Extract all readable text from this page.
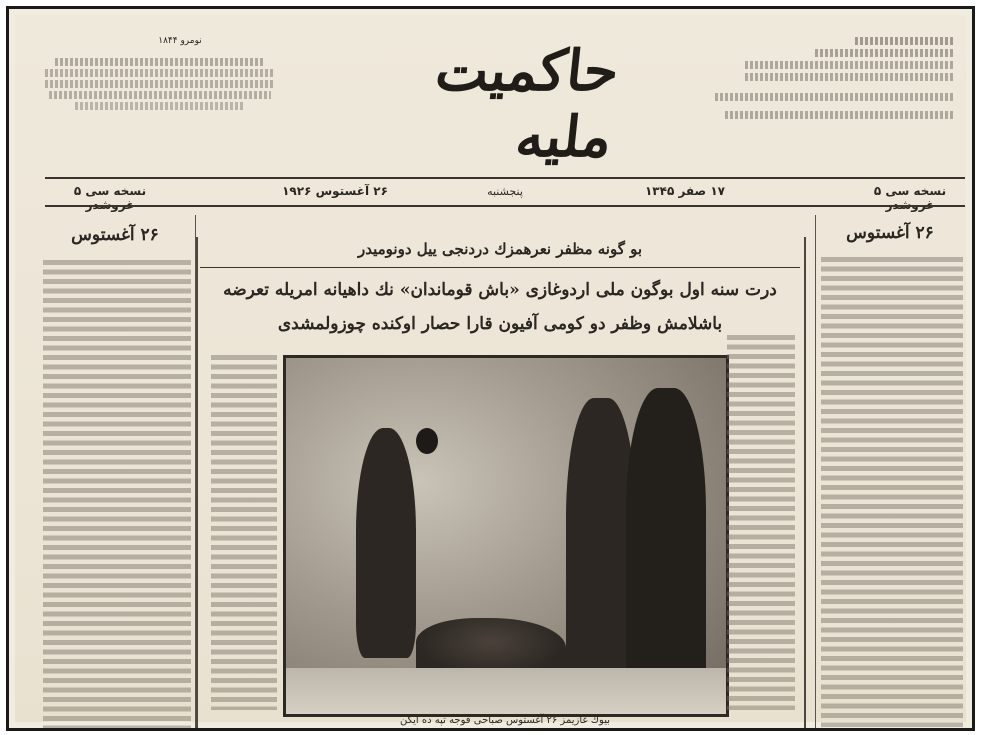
نومرو ۱۸۴۴	حاکمیت ملیه
نسخه سی ۵
۱۷ صفر ۱۳۴۵
پنجشنبه
۲۶ آغستوس ۱۹۲۶
نسخه سی ۵
۲۶ آغستوس
بو گونه مظفر نعرهمزك دردنجی ییل دونومیدر
درت سنه اول بوگون ملی اردوغازی «باش قوماندان» نك داهیانه امریله تعرضه
باشلامش وظفر دو کومی آفیون قارا حصار اوکنده چوزولمشدی
بیوك غازیمز ۲۶ آغستوس صباحی قوجه تپه ده ایکن
۲۶ آغستوس
